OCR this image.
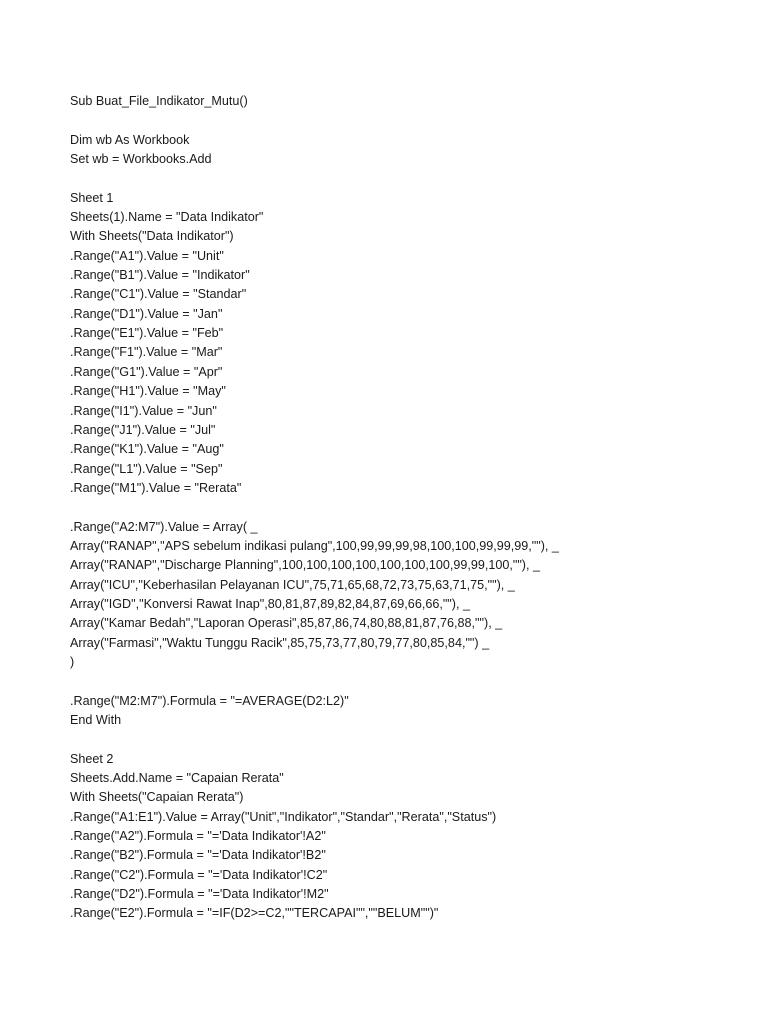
Sub Buat_File_Indikator_Mutu()
Dim wb As Workbook
Set wb = Workbooks.Add
Sheet 1
Sheets(1).Name = "Data Indikator"
With Sheets("Data Indikator")
.Range("A1").Value = "Unit"
.Range("B1").Value = "Indikator"
.Range("C1").Value = "Standar"
.Range("D1").Value = "Jan"
.Range("E1").Value = "Feb"
.Range("F1").Value = "Mar"
.Range("G1").Value = "Apr"
.Range("H1").Value = "May"
.Range("I1").Value = "Jun"
.Range("J1").Value = "Jul"
.Range("K1").Value = "Aug"
.Range("L1").Value = "Sep"
.Range("M1").Value = "Rerata"
.Range("A2:M7").Value = Array( _
Array("RANAP","APS sebelum indikasi pulang",100,99,99,99,98,100,100,99,99,99,""), _
Array("RANAP","Discharge Planning",100,100,100,100,100,100,100,99,99,100,""), _
Array("ICU","Keberhasilan Pelayanan ICU",75,71,65,68,72,73,75,63,71,75,""), _
Array("IGD","Konversi Rawat Inap",80,81,87,89,82,84,87,69,66,66,""), _
Array("Kamar Bedah","Laporan Operasi",85,87,86,74,80,88,81,87,76,88,""), _
Array("Farmasi","Waktu Tunggu Racik",85,75,73,77,80,79,77,80,85,84,"") _
)
.Range("M2:M7").Formula = "=AVERAGE(D2:L2)"
End With
Sheet 2
Sheets.Add.Name = "Capaian Rerata"
With Sheets("Capaian Rerata")
.Range("A1:E1").Value = Array("Unit","Indikator","Standar","Rerata","Status")
.Range("A2").Formula = "='Data Indikator'!A2"
.Range("B2").Formula = "='Data Indikator'!B2"
.Range("C2").Formula = "='Data Indikator'!C2"
.Range("D2").Formula = "='Data Indikator'!M2"
.Range("E2").Formula = "=IF(D2>=C2,""TERCAPAI"",""BELUM"")"
